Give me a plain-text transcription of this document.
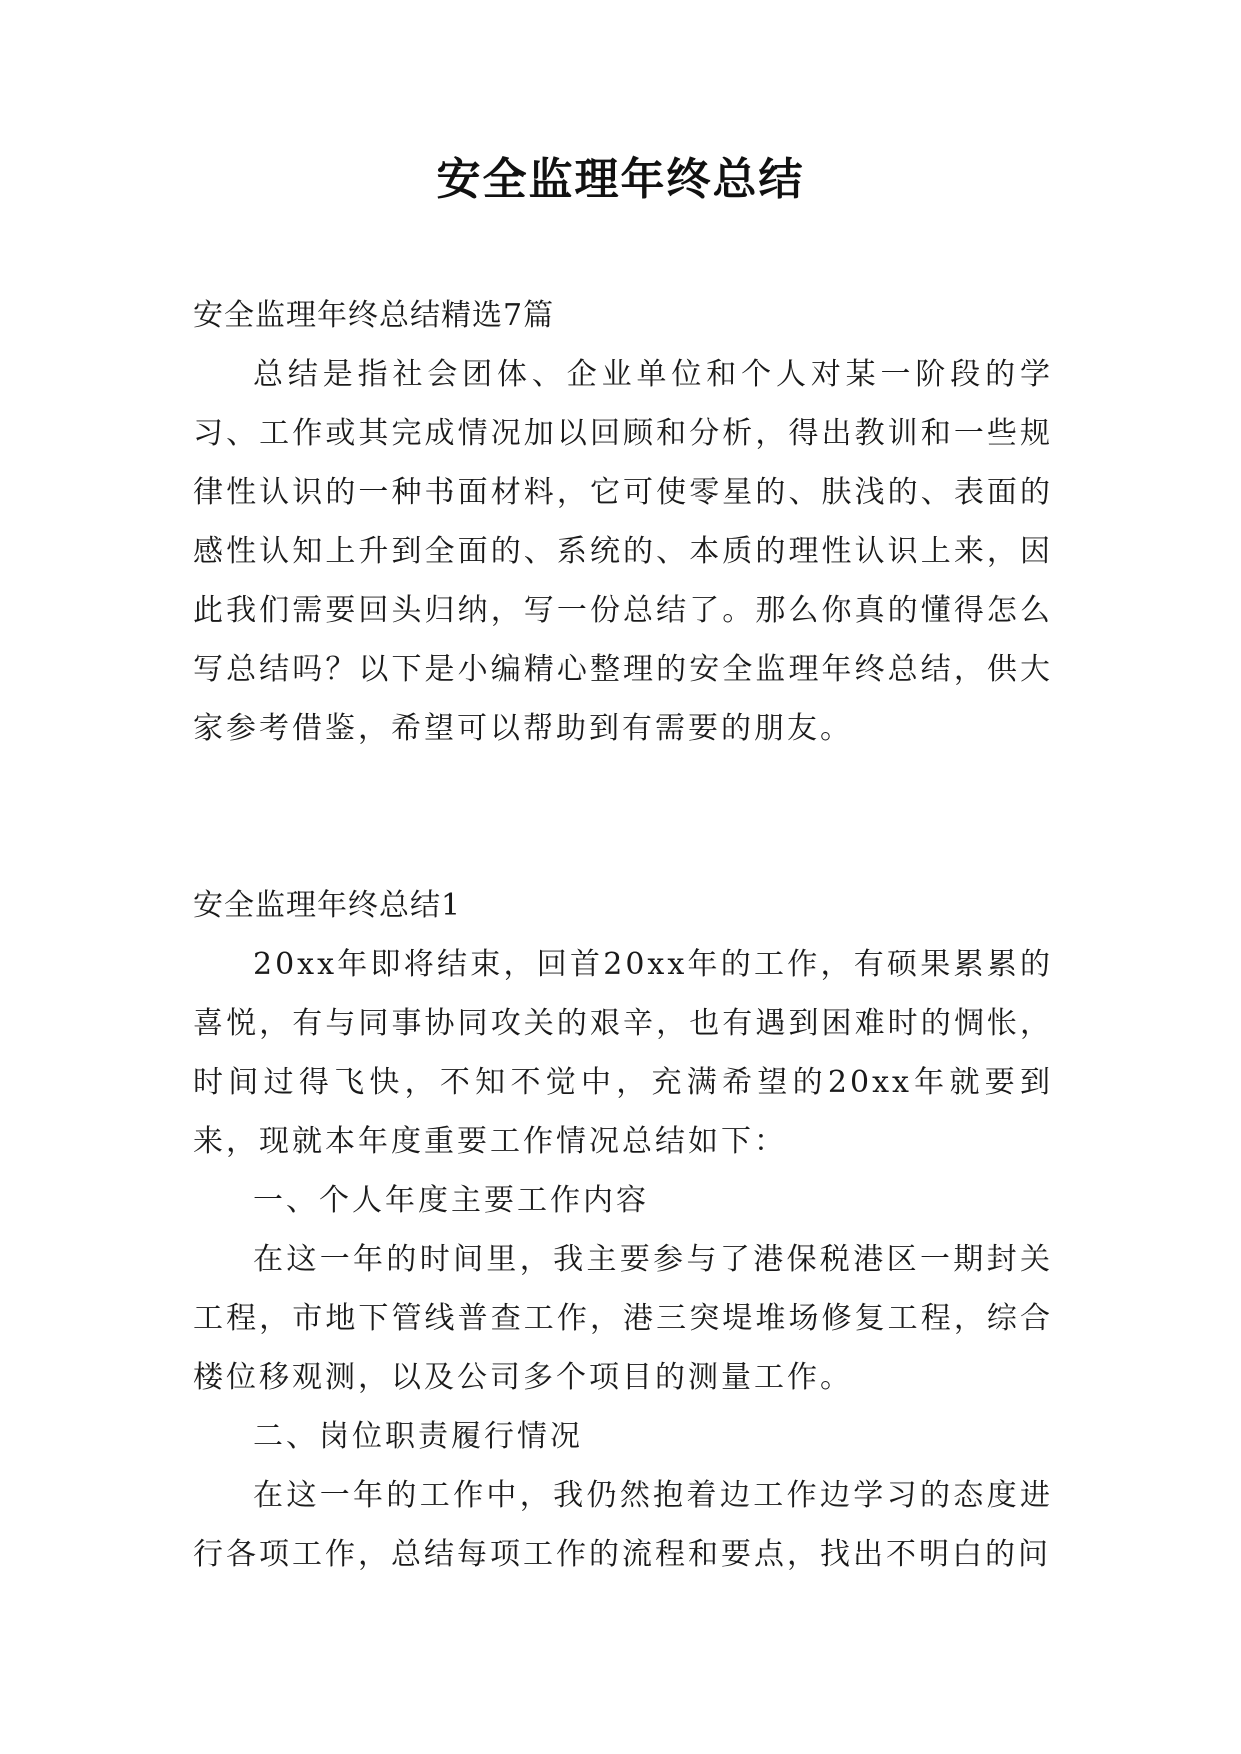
安全监理年终总结

安全监理年终总结精选7篇

总结是指社会团体、企业单位和个人对某一阶段的学习、工作或其完成情况加以回顾和分析，得出教训和一些规律性认识的一种书面材料，它可使零星的、肤浅的、表面的感性认知上升到全面的、系统的、本质的理性认识上来，因此我们需要回头归纳，写一份总结了。那么你真的懂得怎么写总结吗？以下是小编精心整理的安全监理年终总结，供大家参考借鉴，希望可以帮助到有需要的朋友。

安全监理年终总结1

20xx年即将结束，回首20xx年的工作，有硕果累累的喜悦，有与同事协同攻关的艰辛，也有遇到困难时的惆怅，时间过得飞快，不知不觉中，充满希望的20xx年就要到来，现就本年度重要工作情况总结如下：

一、个人年度主要工作内容

在这一年的时间里，我主要参与了港保税港区一期封关工程，市地下管线普查工作，港三突堤堆场修复工程，综合楼位移观测，以及公司多个项目的测量工作。

二、岗位职责履行情况

在这一年的工作中，我仍然抱着边工作边学习的态度进行各项工作，总结每项工作的流程和要点，找出不明白的问
